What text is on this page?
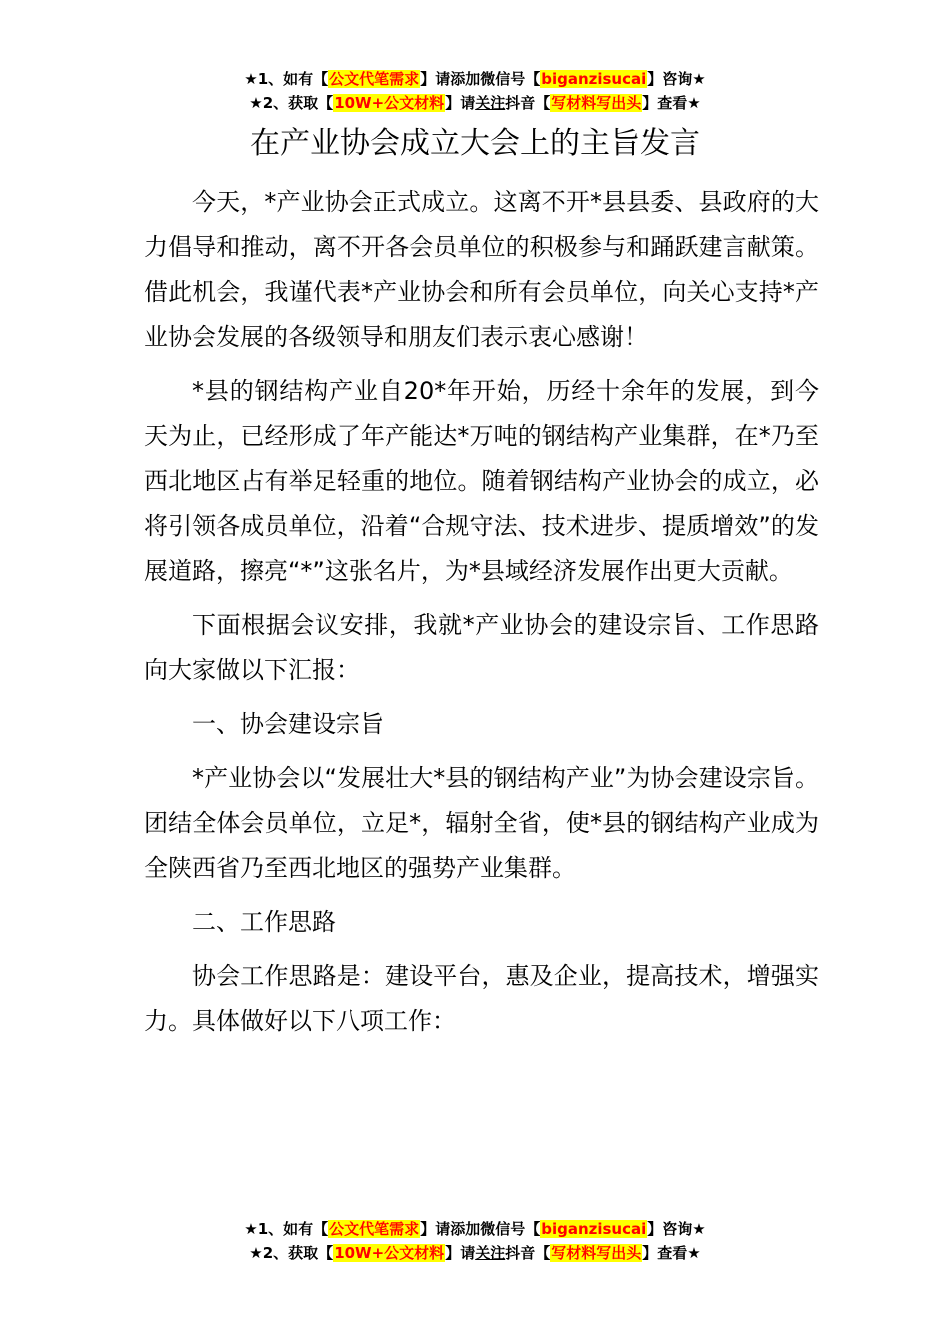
★1、如有【公文代笔需求】请添加微信号【biganzisucai】咨询★
★2、获取【10W+公文材料】请关注抖音【写材料写出头】查看★
在产业协会成立大会上的主旨发言

今天，*产业协会正式成立。这离不开*县县委、县政府的大力倡导和推动，离不开各会员单位的积极参与和踊跃建言献策。借此机会，我谨代表*产业协会和所有会员单位，向关心支持*产业协会发展的各级领导和朋友们表示衷心感谢！

*县的钢结构产业自20*年开始，历经十余年的发展，到今天为止，已经形成了年产能达*万吨的钢结构产业集群，在*乃至西北地区占有举足轻重的地位。随着钢结构产业协会的成立，必将引领各成员单位，沿着“合规守法、技术进步、提质增效”的发展道路，擦亮“*”这张名片，为*县域经济发展作出更大贡献。

下面根据会议安排，我就*产业协会的建设宗旨、工作思路向大家做以下汇报：

一、协会建设宗旨

*产业协会以“发展壮大*县的钢结构产业”为协会建设宗旨。团结全体会员单位，立足*，辐射全省，使*县的钢结构产业成为全陕西省乃至西北地区的强势产业集群。

二、工作思路

协会工作思路是：建设平台，惠及企业，提高技术，增强实力。具体做好以下八项工作：

★1、如有【公文代笔需求】请添加微信号【biganzisucai】咨询★
★2、获取【10W+公文材料】请关注抖音【写材料写出头】查看★
